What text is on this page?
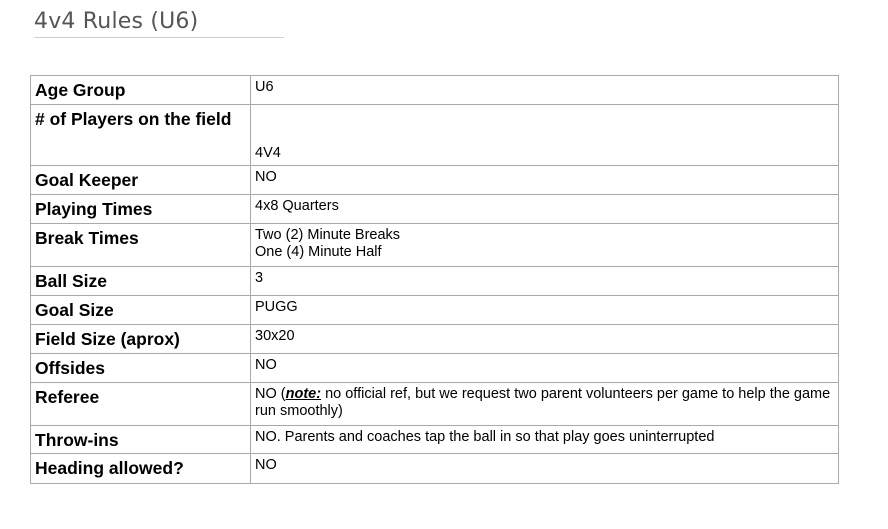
4v4 Rules (U6)
Age Group	U6
# of Players on the field	4V4
Goal Keeper	NO
Playing Times	4x8 Quarters
Break Times	Two (2) Minute Breaks
One (4) Minute Half

Ball Size	3
Goal Size	PUGG
Field Size (aprox)	30x20
Offsides	NO
Referee	NO (note: no official ref, but we request two parent volunteers per game to help the game run smoothly)
Throw-ins	NO. Parents and coaches tap the ball in so that play goes uninterrupted
Heading allowed?	NO
